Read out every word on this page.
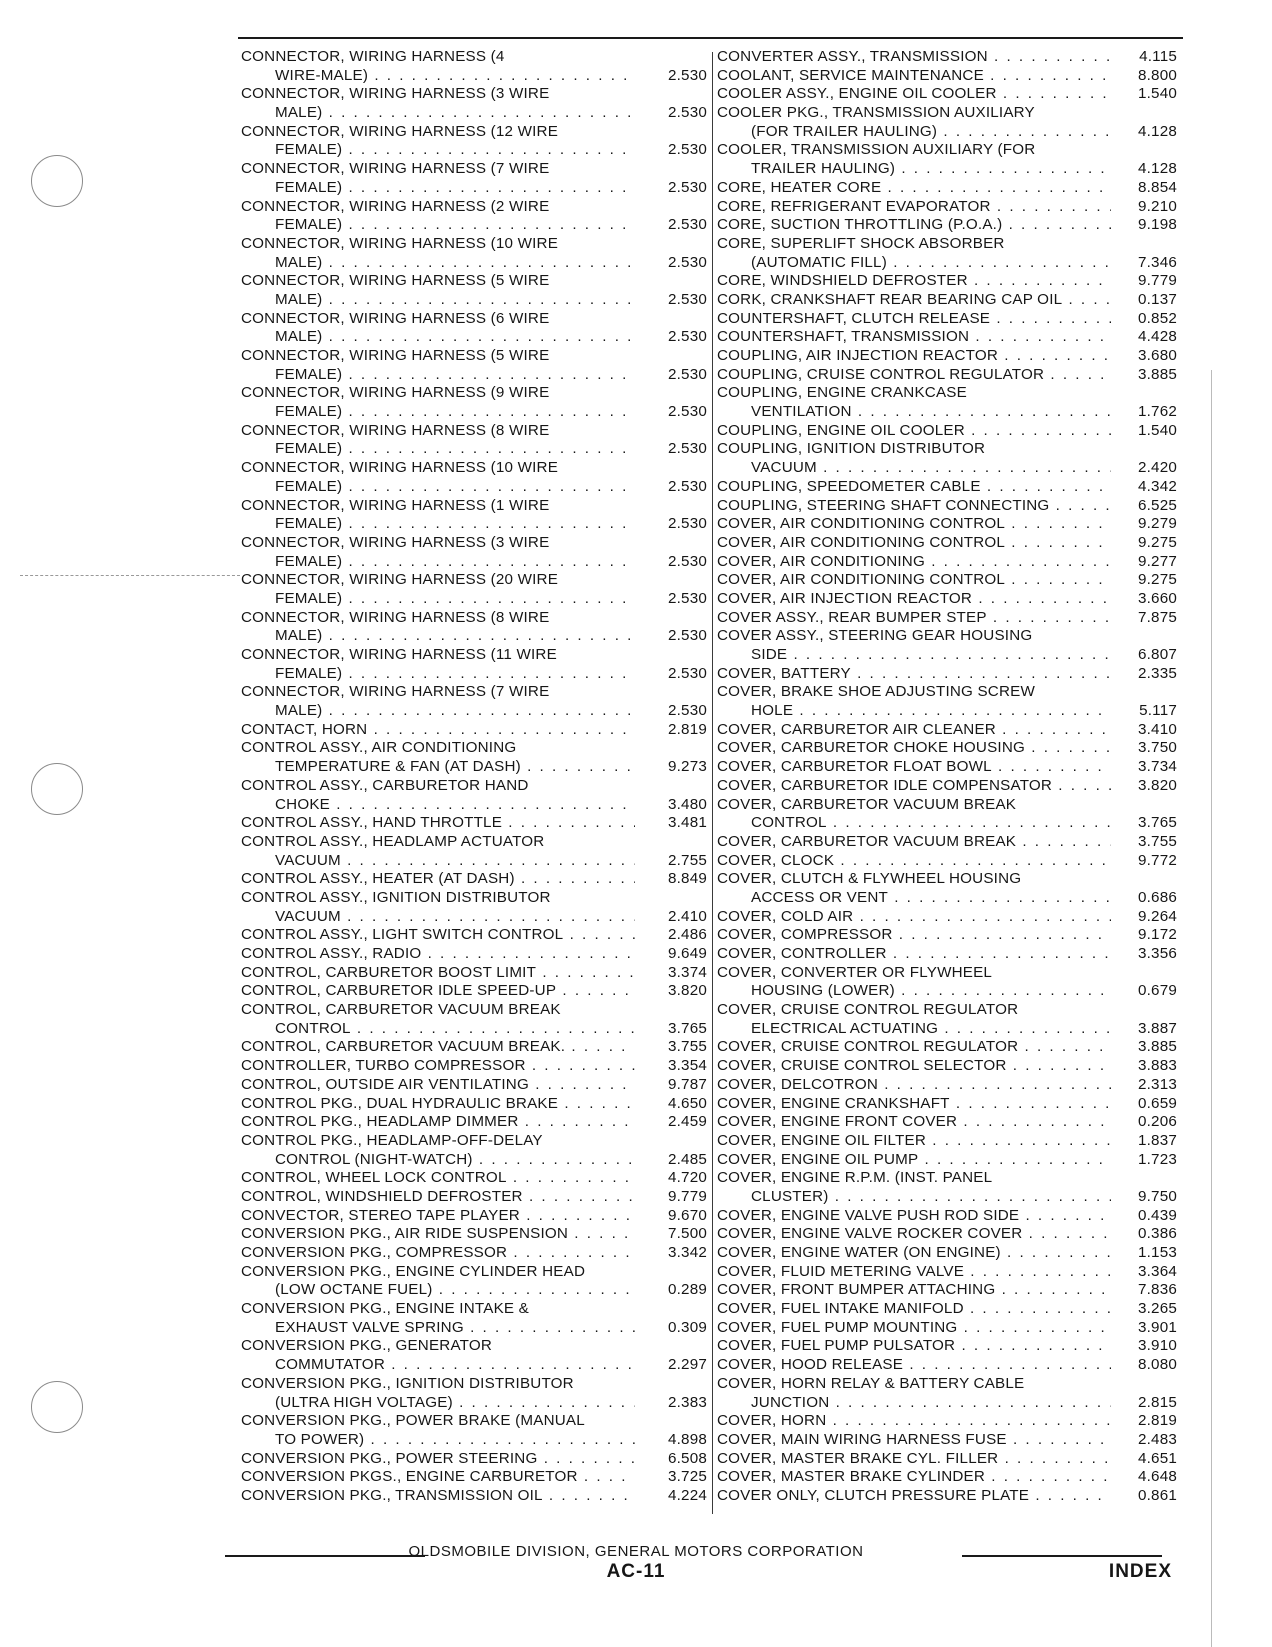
CONNECTOR, WIRING HARNESS (4
WIRE-MALE) . . .	2.530
CONNECTOR, WIRING HARNESS (3 WIRE
MALE) . . .	2.530
CONNECTOR, WIRING HARNESS (12 WIRE
FEMALE) . . .	2.530
CONNECTOR, WIRING HARNESS (7 WIRE
FEMALE) . . .	2.530
CONNECTOR, WIRING HARNESS (2 WIRE
FEMALE) . . .	2.530
CONNECTOR, WIRING HARNESS (10 WIRE
MALE) . . .	2.530
CONNECTOR, WIRING HARNESS (5 WIRE
MALE) . . .	2.530
CONNECTOR, WIRING HARNESS (6 WIRE
MALE) . . .	2.530
CONNECTOR, WIRING HARNESS (5 WIRE
FEMALE) . . .	2.530
CONNECTOR, WIRING HARNESS (9 WIRE
FEMALE) . . .	2.530
CONNECTOR, WIRING HARNESS (8 WIRE
FEMALE) . . .	2.530
CONNECTOR, WIRING HARNESS (10 WIRE
FEMALE) . . .	2.530
CONNECTOR, WIRING HARNESS (1 WIRE
FEMALE) . . .	2.530
CONNECTOR, WIRING HARNESS (3 WIRE
FEMALE) . . .	2.530
CONNECTOR, WIRING HARNESS (20 WIRE
FEMALE) . . .	2.530
CONNECTOR, WIRING HARNESS (8 WIRE
MALE) . . .	2.530
CONNECTOR, WIRING HARNESS (11 WIRE
FEMALE) . . .	2.530
CONNECTOR, WIRING HARNESS (7 WIRE
MALE) . . .	2.530
CONTACT, HORN . . .	2.819
CONTROL ASSY., AIR CONDITIONING
TEMPERATURE & FAN (AT DASH) . . .	9.273
CONTROL ASSY., CARBURETOR HAND
CHOKE . . .	3.480
CONTROL ASSY., HAND THROTTLE . . .	3.481
CONTROL ASSY., HEADLAMP ACTUATOR
VACUUM . . .	2.755
CONTROL ASSY., HEATER (AT DASH) . . .	8.849
CONTROL ASSY., IGNITION DISTRIBUTOR
VACUUM . . .	2.410
CONTROL ASSY., LIGHT SWITCH CONTROL . . .	2.486
CONTROL ASSY., RADIO . . .	9.649
CONTROL, CARBURETOR BOOST LIMIT . . .	3.374
CONTROL, CARBURETOR IDLE SPEED-UP . . .	3.820
CONTROL, CARBURETOR VACUUM BREAK
CONTROL . . .	3.765
CONTROL, CARBURETOR VACUUM BREAK. . . .	3.755
CONTROLLER, TURBO COMPRESSOR . . .	3.354
CONTROL, OUTSIDE AIR VENTILATING . . .	9.787
CONTROL PKG., DUAL HYDRAULIC BRAKE . . .	4.650
CONTROL PKG., HEADLAMP DIMMER . . .	2.459
CONTROL PKG., HEADLAMP-OFF-DELAY
CONTROL (NIGHT-WATCH) . . .	2.485
CONTROL, WHEEL LOCK CONTROL . . .	4.720
CONTROL, WINDSHIELD DEFROSTER . . .	9.779
CONVECTOR, STEREO TAPE PLAYER . . .	9.670
CONVERSION PKG., AIR RIDE SUSPENSION . . .	7.500
CONVERSION PKG., COMPRESSOR . . .	3.342
CONVERSION PKG., ENGINE CYLINDER HEAD
(LOW OCTANE FUEL) . . .	0.289
CONVERSION PKG., ENGINE INTAKE &
EXHAUST VALVE SPRING . . .	0.309
CONVERSION PKG., GENERATOR
COMMUTATOR . . .	2.297
CONVERSION PKG., IGNITION DISTRIBUTOR
(ULTRA HIGH VOLTAGE) . . .	2.383
CONVERSION PKG., POWER BRAKE (MANUAL
TO POWER) . . .	4.898
CONVERSION PKG., POWER STEERING . . .	6.508
CONVERSION PKGS., ENGINE CARBURETOR . . .	3.725
CONVERSION PKG., TRANSMISSION OIL . . .	4.224
CONVERTER ASSY., TRANSMISSION . . .	4.115
COOLANT, SERVICE MAINTENANCE . . .	8.800
COOLER ASSY., ENGINE OIL COOLER . . .	1.540
COOLER PKG., TRANSMISSION AUXILIARY
(FOR TRAILER HAULING) . . .	4.128
COOLER, TRANSMISSION AUXILIARY (FOR
TRAILER HAULING) . . .	4.128
CORE, HEATER CORE . . .	8.854
CORE, REFRIGERANT EVAPORATOR . . .	9.210
CORE, SUCTION THROTTLING (P.O.A.) . . .	9.198
CORE, SUPERLIFT SHOCK ABSORBER
(AUTOMATIC FILL) . . .	7.346
CORE, WINDSHIELD DEFROSTER . . .	9.779
CORK, CRANKSHAFT REAR BEARING CAP OIL . . .	0.137
COUNTERSHAFT, CLUTCH RELEASE . . .	0.852
COUNTERSHAFT, TRANSMISSION . . .	4.428
COUPLING, AIR INJECTION REACTOR . . .	3.680
COUPLING, CRUISE CONTROL REGULATOR . . .	3.885
COUPLING, ENGINE CRANKCASE
VENTILATION . . .	1.762
COUPLING, ENGINE OIL COOLER . . .	1.540
COUPLING, IGNITION DISTRIBUTOR
VACUUM . . .	2.420
COUPLING, SPEEDOMETER CABLE . . .	4.342
COUPLING, STEERING SHAFT CONNECTING . . .	6.525
COVER, AIR CONDITIONING CONTROL . . .	9.279
COVER, AIR CONDITIONING CONTROL . . .	9.275
COVER, AIR CONDITIONING . . .	9.277
COVER, AIR CONDITIONING CONTROL . . .	9.275
COVER, AIR INJECTION REACTOR . . .	3.660
COVER ASSY., REAR BUMPER STEP . . .	7.875
COVER ASSY., STEERING GEAR HOUSING
SIDE . . .	6.807
COVER, BATTERY . . .	2.335
COVER, BRAKE SHOE ADJUSTING SCREW
HOLE . . .	5.117
COVER, CARBURETOR AIR CLEANER . . .	3.410
COVER, CARBURETOR CHOKE HOUSING . . .	3.750
COVER, CARBURETOR FLOAT BOWL . . .	3.734
COVER, CARBURETOR IDLE COMPENSATOR . . .	3.820
COVER, CARBURETOR VACUUM BREAK
CONTROL . . .	3.765
COVER, CARBURETOR VACUUM BREAK . . .	3.755
COVER, CLOCK . . .	9.772
COVER, CLUTCH & FLYWHEEL HOUSING
ACCESS OR VENT . . .	0.686
COVER, COLD AIR . . .	9.264
COVER, COMPRESSOR . . .	9.172
COVER, CONTROLLER . . .	3.356
COVER, CONVERTER OR FLYWHEEL
HOUSING (LOWER) . . .	0.679
COVER, CRUISE CONTROL REGULATOR
ELECTRICAL ACTUATING . . .	3.887
COVER, CRUISE CONTROL REGULATOR . . .	3.885
COVER, CRUISE CONTROL SELECTOR . . .	3.883
COVER, DELCOTRON . . .	2.313
COVER, ENGINE CRANKSHAFT . . .	0.659
COVER, ENGINE FRONT COVER . . .	0.206
COVER, ENGINE OIL FILTER . . .	1.837
COVER, ENGINE OIL PUMP . . .	1.723
COVER, ENGINE R.P.M. (INST. PANEL
CLUSTER) . . .	9.750
COVER, ENGINE VALVE PUSH ROD SIDE . . .	0.439
COVER, ENGINE VALVE ROCKER COVER . . .	0.386
COVER, ENGINE WATER (ON ENGINE) . . .	1.153
COVER, FLUID METERING VALVE . . .	3.364
COVER, FRONT BUMPER ATTACHING . . .	7.836
COVER, FUEL INTAKE MANIFOLD . . .	3.265
COVER, FUEL PUMP MOUNTING . . .	3.901
COVER, FUEL PUMP PULSATOR . . .	3.910
COVER, HOOD RELEASE . . .	8.080
COVER, HORN RELAY & BATTERY CABLE
JUNCTION . . .	2.815
COVER, HORN . . .	2.819
COVER, MAIN WIRING HARNESS FUSE . . .	2.483
COVER, MASTER BRAKE CYL. FILLER . . .	4.651
COVER, MASTER BRAKE CYLINDER . . .	4.648
COVER ONLY, CLUTCH PRESSURE PLATE . . .	0.861
OLDSMOBILE DIVISION, GENERAL MOTORS CORPORATION
AC-11	INDEX
